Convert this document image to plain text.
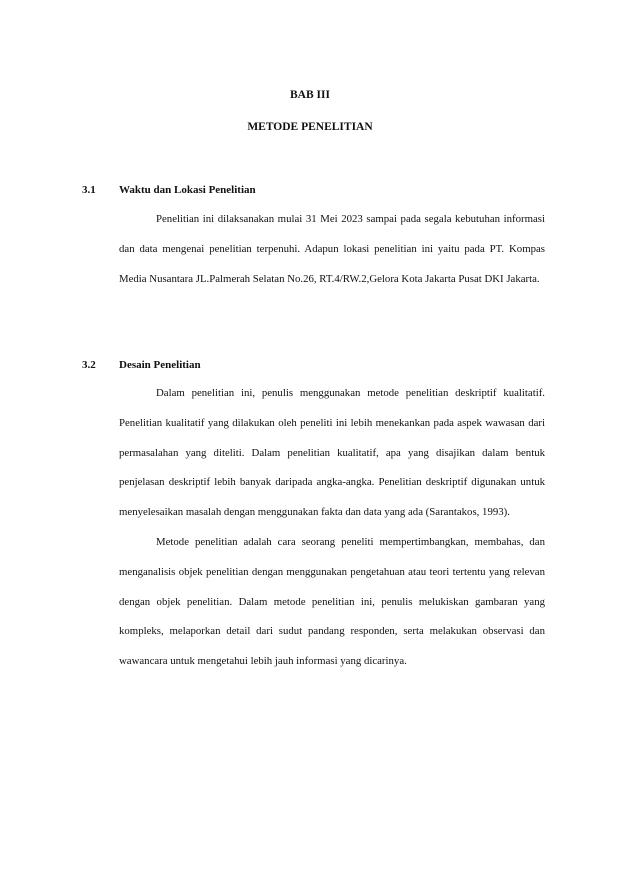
BAB III
METODE PENELITIAN
3.1	Waktu dan Lokasi Penelitian

Penelitian ini dilaksanakan mulai 31 Mei 2023 sampai pada segala kebutuhan informasi dan data mengenai penelitian terpenuhi. Adapun lokasi penelitian ini yaitu pada PT. Kompas Media Nusantara JL.Palmerah Selatan No.26, RT.4/RW.2,Gelora Kota Jakarta Pusat DKI Jakarta.

3.2	Desain Penelitian

Dalam penelitian ini, penulis menggunakan metode penelitian deskriptif kualitatif. Penelitian kualitatif yang dilakukan oleh peneliti ini lebih menekankan pada aspek wawasan dari permasalahan yang diteliti. Dalam penelitian kualitatif, apa yang disajikan dalam bentuk penjelasan deskriptif lebih banyak daripada angka-angka. Penelitian deskriptif digunakan untuk menyelesaikan masalah dengan menggunakan fakta dan data yang ada (Sarantakos, 1993).

Metode penelitian adalah cara seorang peneliti mempertimbangkan, membahas, dan menganalisis objek penelitian dengan menggunakan pengetahuan atau teori tertentu yang relevan dengan objek penelitian. Dalam metode penelitian ini, penulis melukiskan gambaran yang kompleks, melaporkan detail dari sudut pandang responden, serta melakukan observasi dan wawancara untuk mengetahui lebih jauh informasi yang dicarinya.
